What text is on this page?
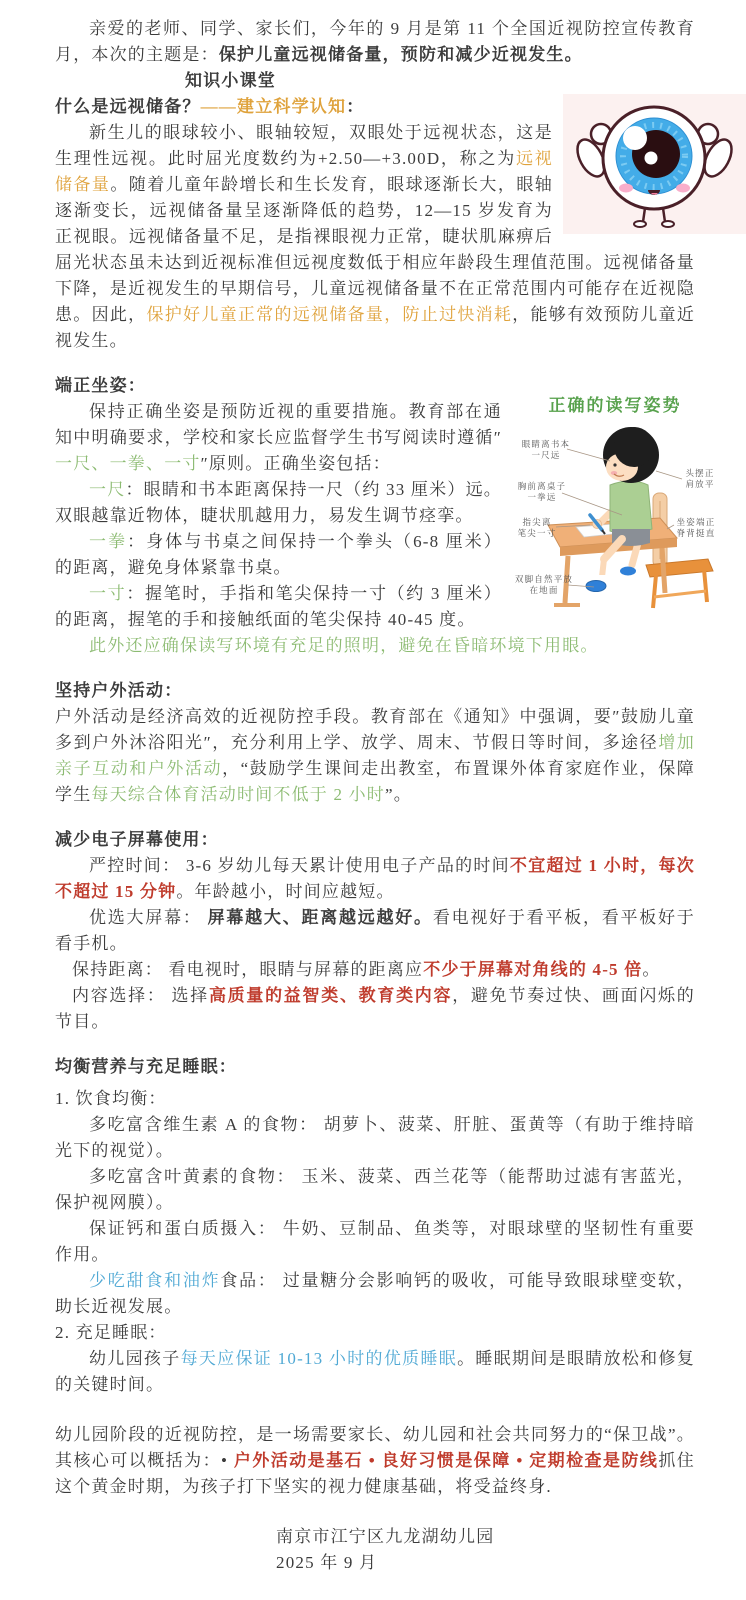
亲爱的老师、同学、家长们，今年的 9 月是第 11 个全国近视防控宣传教育月，本次的主题是：保护儿童远视储备量，预防和减少近视发生。

知识小课堂

什么是远视储备？——建立科学认知：

新生儿的眼球较小、眼轴较短，双眼处于远视状态，这是生理性远视。此时屈光度数约为+2.50—+3.00D，称之为远视储备量。随着儿童年龄增长和生长发育，眼球逐渐长大，眼轴逐渐变长，远视储备量呈逐渐降低的趋势，12—15 岁发育为正视眼。远视储备量不足，是指裸眼视力正常，睫状肌麻痹后屈光状态虽未达到近视标准但远视度数低于相应年龄段生理值范围。远视储备量下降，是近视发生的早期信号，儿童远视储备量不在正常范围内可能存在近视隐患。因此，保护好儿童正常的远视储备量，防止过快消耗，能够有效预防儿童近视发生。

正确的读写姿势
眼睛离书本
一尺远
胸前离桌子
一拳远
指尖离
笔尖一寸
双脚自然平放
在地面
头摆正
肩放平
坐姿端正
脊背挺直

端正坐姿：

保持正确坐姿是预防近视的重要措施。教育部在通知中明确要求，学校和家长应监督学生书写阅读时遵循″一尺、一拳、一寸″原则。正确坐姿包括：

一尺：眼睛和书本距离保持一尺（约 33 厘米）远。双眼越靠近物体，睫状肌越用力，易发生调节痉挛。

一拳：身体与书桌之间保持一个拳头（6-8 厘米）的距离，避免身体紧靠书桌。

一寸：握笔时，手指和笔尖保持一寸（约 3 厘米）的距离，握笔的手和接触纸面的笔尖保持 40-45 度。

此外还应确保读写环境有充足的照明，避免在昏暗环境下用眼。

坚持户外活动：

户外活动是经济高效的近视防控手段。教育部在《通知》中强调，要″鼓励儿童多到户外沐浴阳光″，充分利用上学、放学、周末、节假日等时间，多途径增加亲子互动和户外活动，“鼓励学生课间走出教室，布置课外体育家庭作业，保障学生每天综合体育活动时间不低于 2 小时”。

减少电子屏幕使用：

严控时间： 3-6 岁幼儿每天累计使用电子产品的时间不宜超过 1 小时，每次不超过 15 分钟。年龄越小，时间应越短。

优选大屏幕： 屏幕越大、距离越远越好。看电视好于看平板，看平板好于看手机。

保持距离： 看电视时，眼睛与屏幕的距离应不少于屏幕对角线的 4-5 倍。

内容选择： 选择高质量的益智类、教育类内容，避免节奏过快、画面闪烁的节目。

均衡营养与充足睡眠：

1. 饮食均衡：

多吃富含维生素 A 的食物： 胡萝卜、菠菜、肝脏、蛋黄等（有助于维持暗光下的视觉）。

多吃富含叶黄素的食物： 玉米、菠菜、西兰花等（能帮助过滤有害蓝光，保护视网膜）。

保证钙和蛋白质摄入： 牛奶、豆制品、鱼类等，对眼球壁的坚韧性有重要作用。

少吃甜食和油炸食品： 过量糖分会影响钙的吸收，可能导致眼球壁变软，助长近视发展。

2. 充足睡眠：

幼儿园孩子每天应保证 10-13 小时的优质睡眠。睡眠期间是眼睛放松和修复的关键时间。

幼儿园阶段的近视防控，是一场需要家长、幼儿园和社会共同努力的“保卫战”。其核心可以概括为：• 户外活动是基石 • 良好习惯是保障 • 定期检查是防线抓住这个黄金时期，为孩子打下坚实的视力健康基础，将受益终身.

南京市江宁区九龙湖幼儿园

2025 年 9 月
